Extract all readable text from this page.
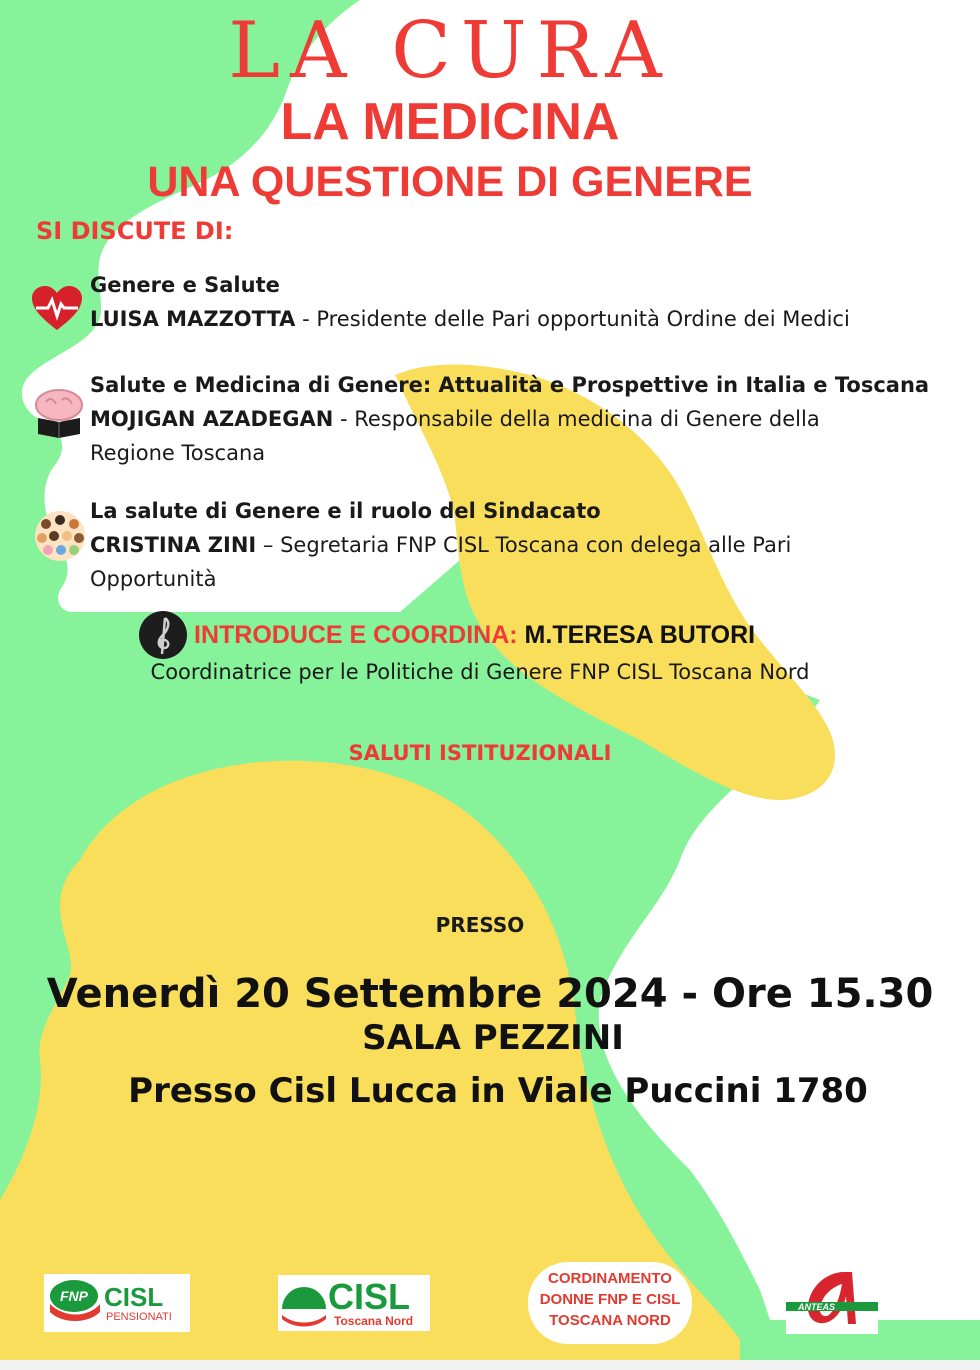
LA CURA
LA MEDICINA
UNA QUESTIONE DI GENERE
SI DISCUTE DI:
Genere e Salute
LUISA MAZZOTTA - Presidente delle Pari opportunità Ordine dei Medici
Salute e Medicina di Genere: Attualità e Prospettive in Italia e Toscana
MOJIGAN AZADEGAN - Responsabile della medicina di Genere della
Regione Toscana
La salute di Genere e il ruolo del Sindacato
CRISTINA ZINI – Segretaria FNP CISL Toscana con delega alle Pari
Opportunità
INTRODUCE E COORDINA: M.TERESA BUTORI
Coordinatrice per le Politiche di Genere FNP CISL Toscana Nord
SALUTI ISTITUZIONALI
PRESSO
Venerdì 20 Settembre 2024 - Ore 15.30
SALA PEZZINI
Presso Cisl Lucca in Viale Puccini 1780
FNP CISL
PENSIONATI	CISL
Toscana Nord
CORDINAMENTO
DONNE FNP E CISL
TOSCANA NORD
ANTEAS
